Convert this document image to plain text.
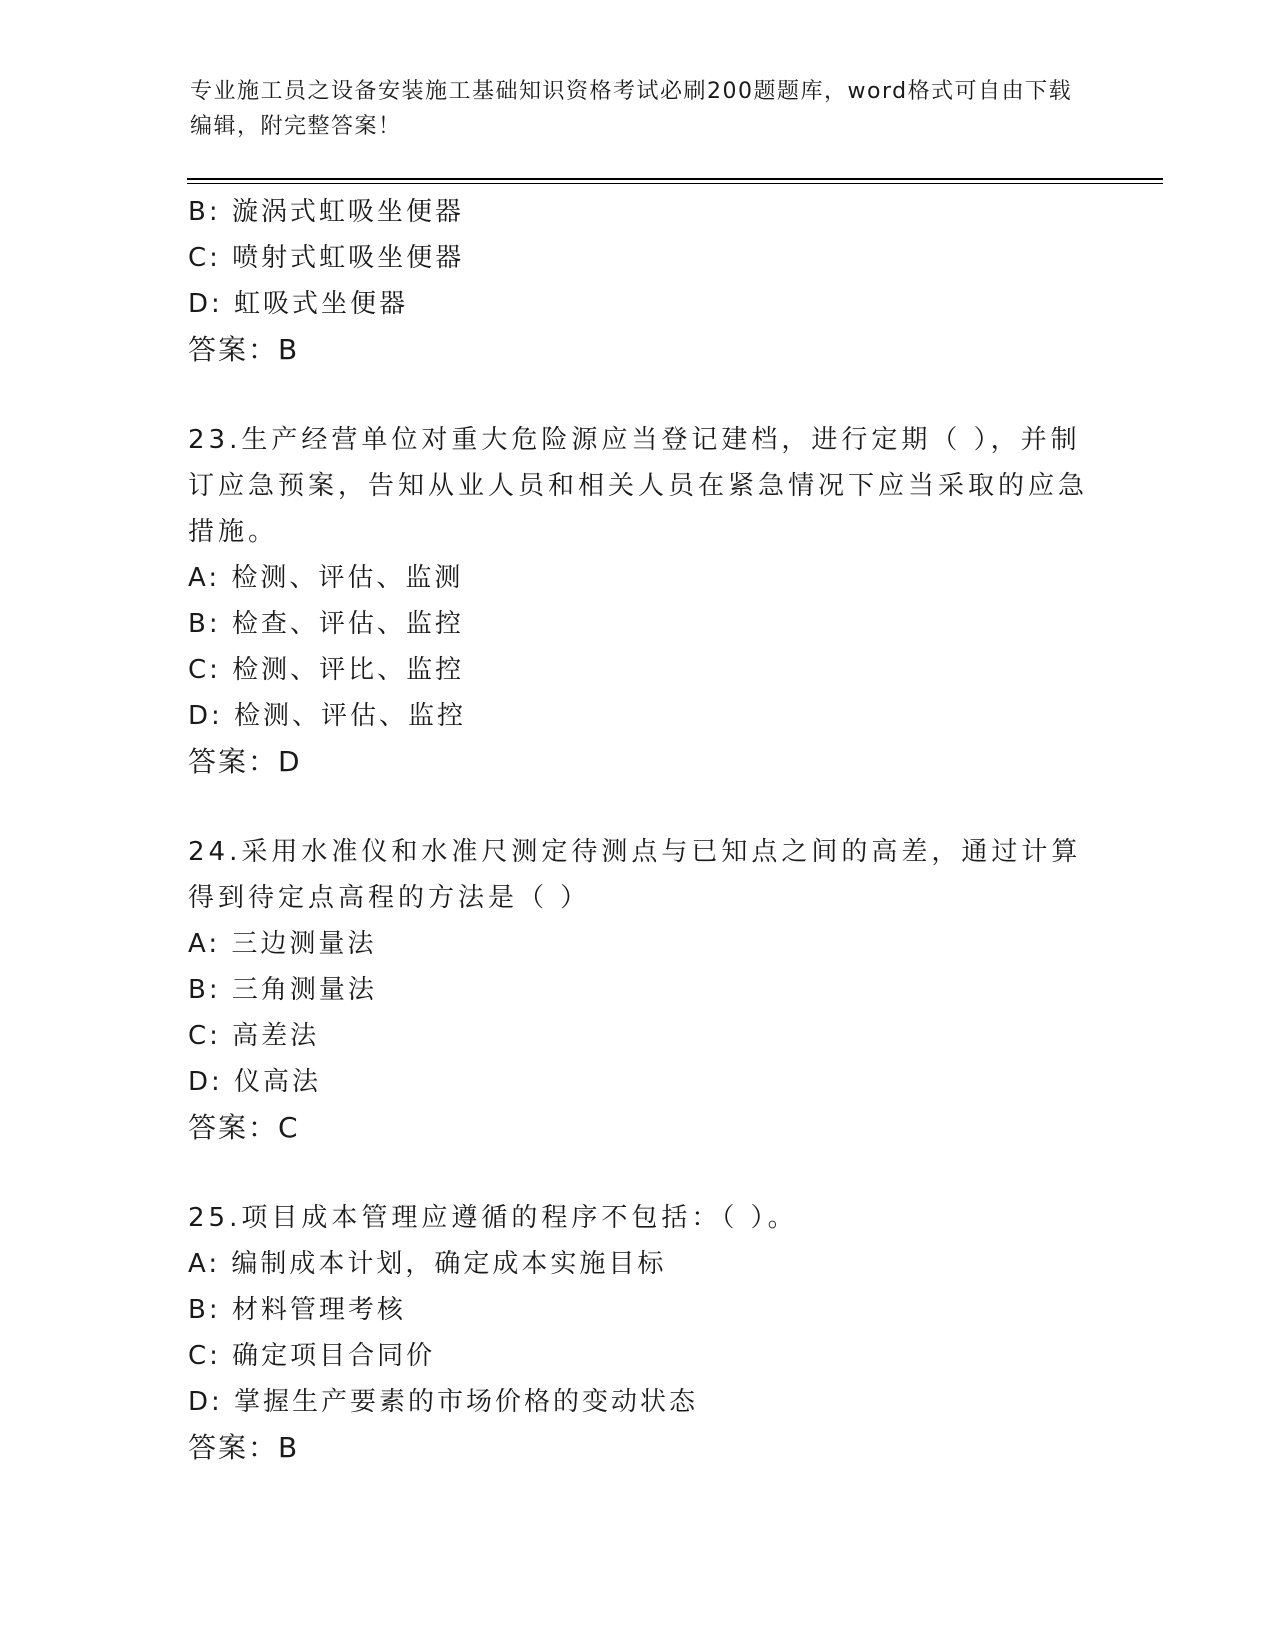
专业施工员之设备安装施工基础知识资格考试必刷200题题库，word格式可自由下载编辑，附完整答案！
B: 漩涡式虹吸坐便器
C: 喷射式虹吸坐便器
D: 虹吸式坐便器
答案：B
23.生产经营单位对重大危险源应当登记建档，进行定期（ ），并制订应急预案，告知从业人员和相关人员在紧急情况下应当采取的应急措施。
A: 检测、评估、监测
B: 检查、评估、监控
C: 检测、评比、监控
D: 检测、评估、监控
答案：D
24.采用水准仪和水准尺测定待测点与已知点之间的高差，通过计算得到待定点高程的方法是（ ）
A: 三边测量法
B: 三角测量法
C: 高差法
D: 仪高法
答案：C
25.项目成本管理应遵循的程序不包括：（ ）。
A: 编制成本计划，确定成本实施目标
B: 材料管理考核
C: 确定项目合同价
D: 掌握生产要素的市场价格的变动状态
答案：B
